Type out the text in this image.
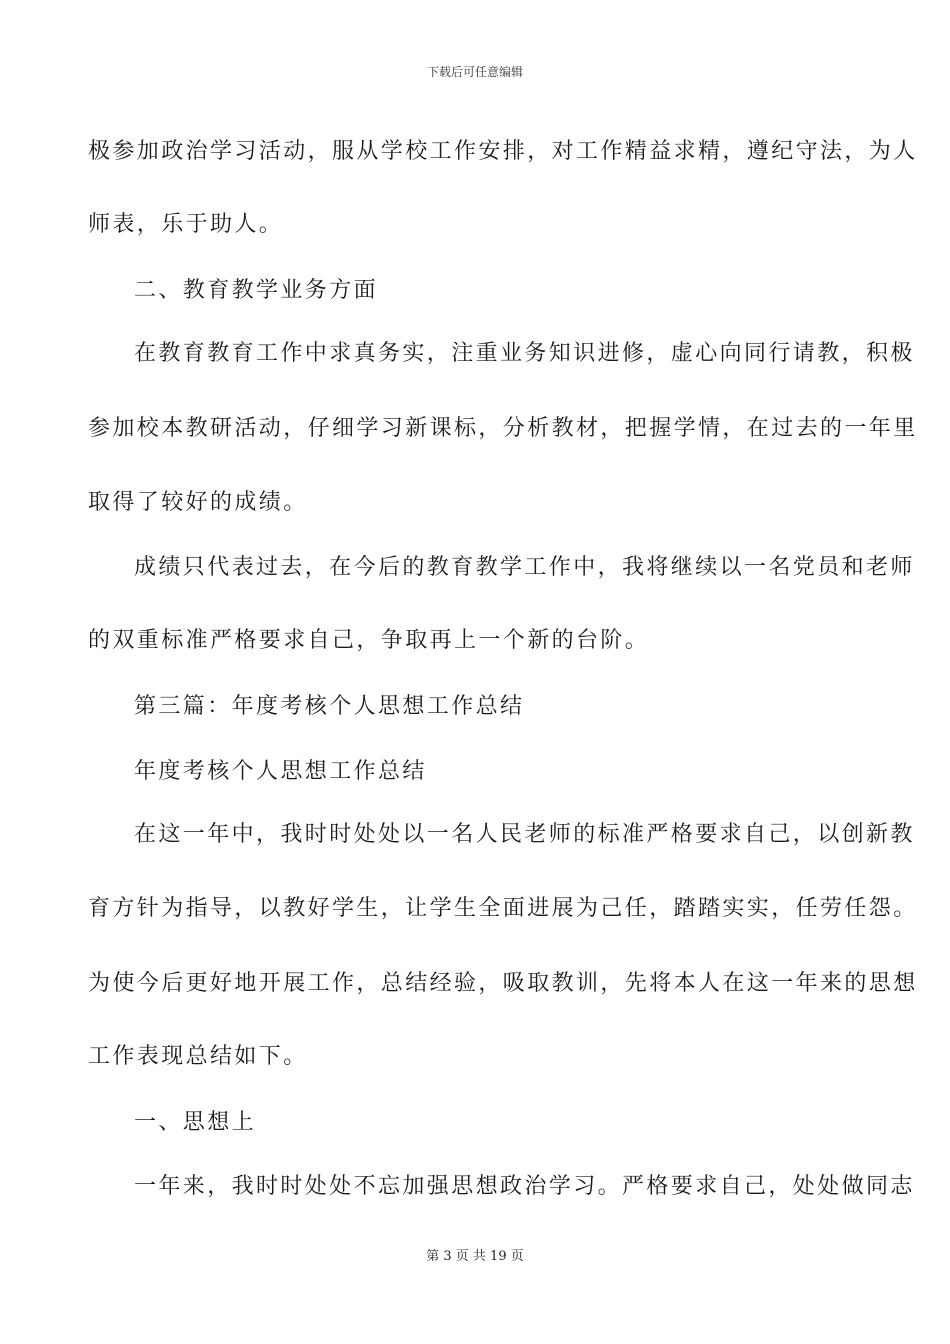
下载后可任意编辑
极参加政治学习活动，服从学校工作安排，对工作精益求精，遵纪守法，为人
师表，乐于助人。
二、教育教学业务方面
在教育教育工作中求真务实，注重业务知识进修，虚心向同行请教，积极
参加校本教研活动，仔细学习新课标，分析教材，把握学情，在过去的一年里
取得了较好的成绩。
成绩只代表过去，在今后的教育教学工作中，我将继续以一名党员和老师
的双重标准严格要求自己，争取再上一个新的台阶。
第三篇：年度考核个人思想工作总结
年度考核个人思想工作总结
在这一年中，我时时处处以一名人民老师的标准严格要求自己，以创新教
育方针为指导，以教好学生，让学生全面进展为己任，踏踏实实，任劳任怨。
为使今后更好地开展工作，总结经验，吸取教训，先将本人在这一年来的思想
工作表现总结如下。
一、思想上
一年来，我时时处处不忘加强思想政治学习。严格要求自己，处处做同志
第 3 页 共 19 页
